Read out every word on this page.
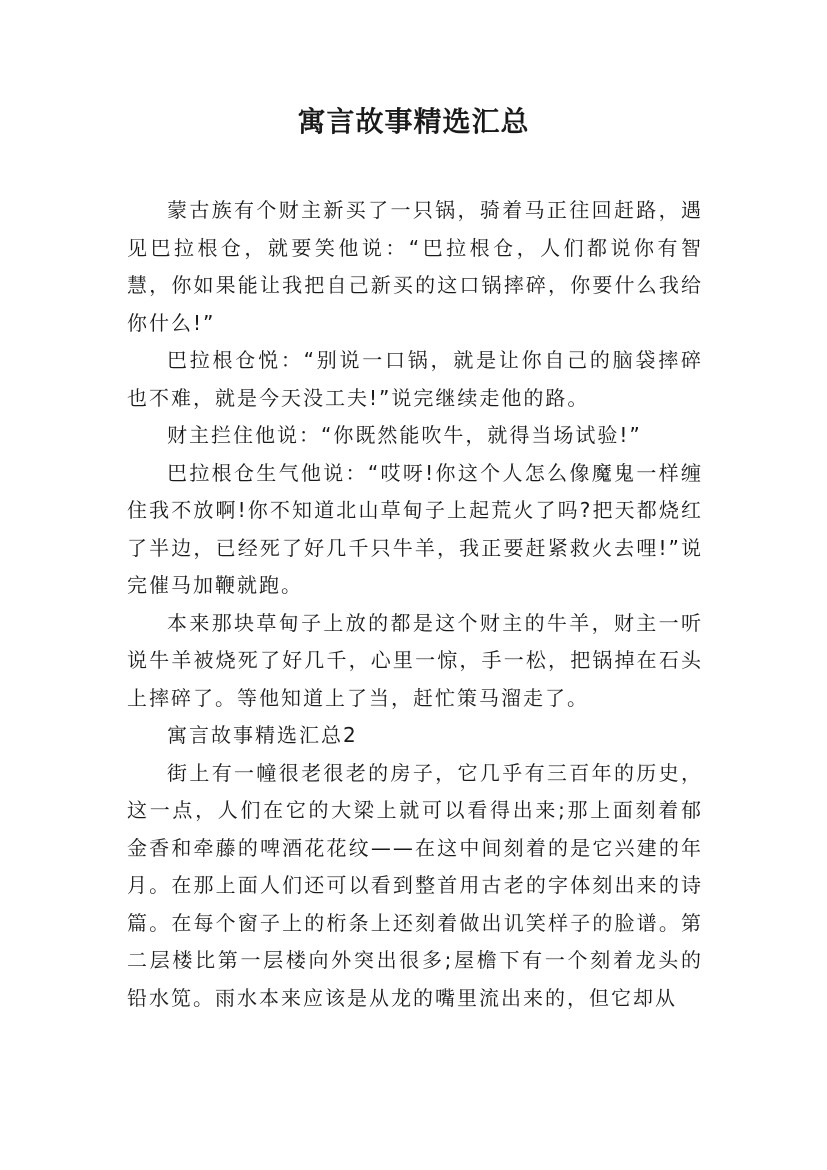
寓言故事精选汇总

蒙古族有个财主新买了一只锅，骑着马正往回赶路，遇见巴拉根仓，就要笑他说：“巴拉根仓，人们都说你有智慧，你如果能让我把自己新买的这口锅摔碎，你要什么我给你什么!”

巴拉根仓悦：“别说一口锅，就是让你自己的脑袋摔碎也不难，就是今天没工夫!”说完继续走他的路。

财主拦住他说：“你既然能吹牛，就得当场试验!”

巴拉根仓生气他说：“哎呀!你这个人怎么像魔鬼一样缠住我不放啊!你不知道北山草甸子上起荒火了吗?把天都烧红了半边，已经死了好几千只牛羊，我正要赶紧救火去哩!”说完催马加鞭就跑。

本来那块草甸子上放的都是这个财主的牛羊，财主一听说牛羊被烧死了好几千，心里一惊，手一松，把锅掉在石头上摔碎了。等他知道上了当，赶忙策马溜走了。

寓言故事精选汇总2

街上有一幢很老很老的房子，它几乎有三百年的历史，这一点，人们在它的大梁上就可以看得出来;那上面刻着郁金香和牵藤的啤酒花花纹——在这中间刻着的是它兴建的年月。在那上面人们还可以看到整首用古老的字体刻出来的诗篇。在每个窗子上的桁条上还刻着做出讥笑样子的脸谱。第二层楼比第一层楼向外突出很多;屋檐下有一个刻着龙头的铅水笕。雨水本来应该是从龙的嘴里流出来的，但它却从
